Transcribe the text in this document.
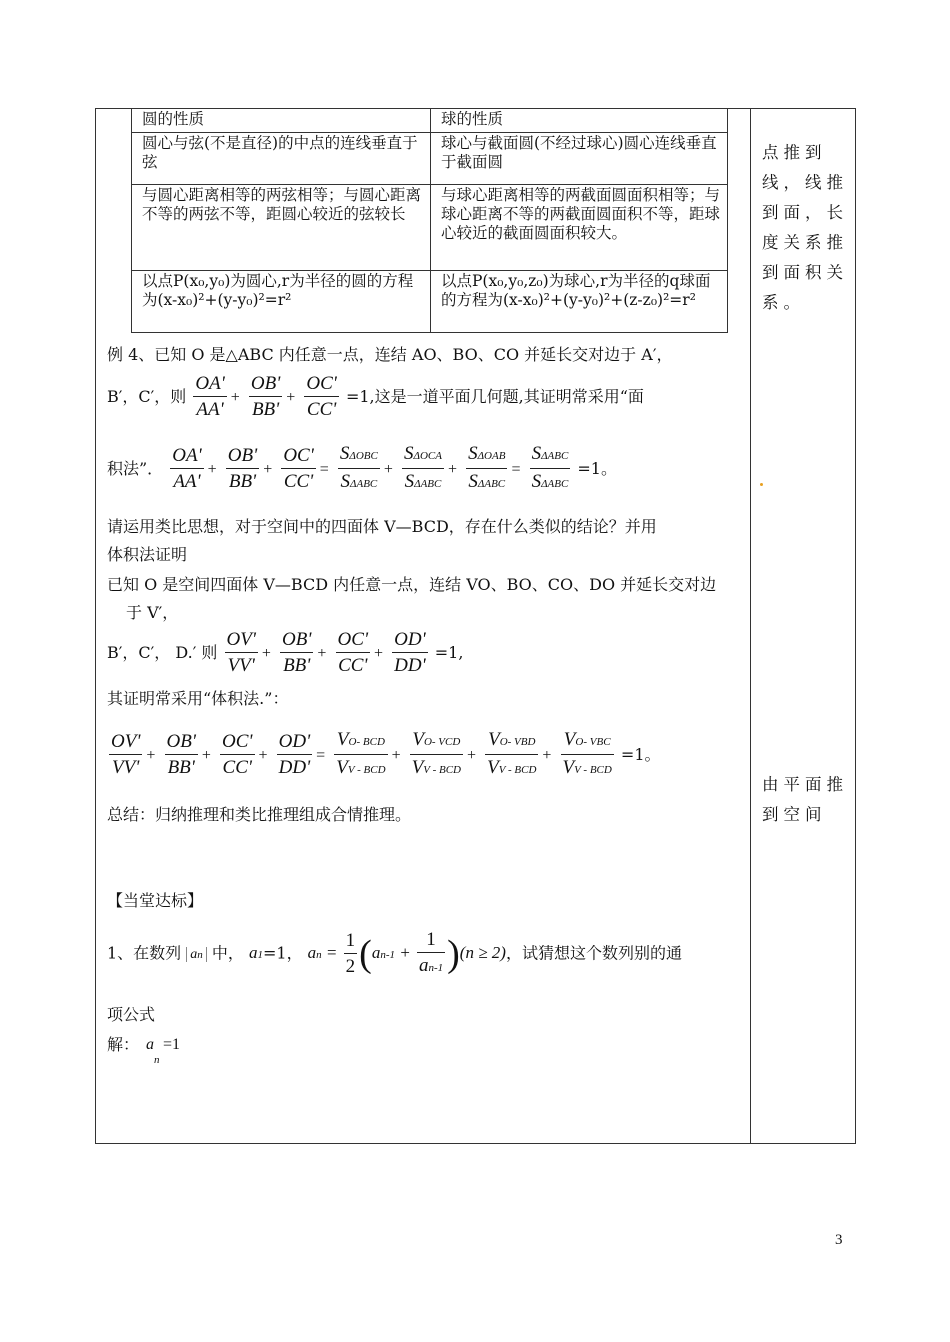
圆的性质	球的性质
圆心与弦(不是直径)的中点的连线垂直于弦	球心与截面圆(不经过球心)圆心连线垂直于截面圆
与圆心距离相等的两弦相等；与圆心距离不等的两弦不等，距圆心较近的弦较长	与球心距离相等的两截面圆面积相等；与球心距离不等的两截面圆面积不等，距球心较近的截面圆面积较大。
以点P(x₀,y₀)为圆心,r为半径的圆的方程为(x-x₀)²+(y-y₀)²=r²	以点P(x₀,y₀,z₀)为球心,r为半径的q球面的方程为(x-x₀)²+(y-y₀)²+(z-z₀)²=r²
例 4、已知 O 是△ABC 内任意一点，连结 AO、BO、CO 并延长交对边于 A′，
B′，C′，则 $\frac{OA'}{AA'} + \frac{OB'}{BB'} + \frac{OC'}{CC'} =1$,这是一道平面几何题,其证明常采用“面
积法”． $\frac{OA'}{AA'} + \frac{OB'}{BB'} + \frac{OC'}{CC'} = \frac{\text{SΔOBC}}{\text{SΔABC}} + \frac{\text{SΔOCA}}{\text{SΔABC}} + \frac{\text{SΔOAB}}{\text{SΔABC}} = \frac{\text{SΔABC}}{\text{SΔABC}} =1$。
请运用类比思想，对于空间中的四面体 V—BCD，存在什么类似的结论？并用
体积法证明
已知 O 是空间四面体 V—BCD 内任意一点，连结 VO、BO、CO、DO 并延长交对边
于 V′，
B′，C′， D.′ 则 $\frac{OV'}{VV'} + \frac{OB'}{BB'} + \frac{OC'}{CC'} + \frac{OD'}{DD'} =1$,
其证明常采用“体积法.”：
$\frac{OV'}{VV'} + \frac{OB'}{BB'} + \frac{OC'}{CC'} + \frac{OD'}{DD'} = \frac{\text{VO- BCD}}{\text{VV - BCD}} + \frac{\text{VO- VCD}}{\text{VV - BCD}} + \frac{\text{VO- VBD}}{\text{VV - BCD}} + \frac{\text{VO- VBC}}{\text{VV - BCD}} =1$。
总结：归纳推理和类比推理组成合情推理。
【当堂达标】
1、在数列 an 中， a1=1， an = $\frac{1}{2} (an-1 + \frac{1}{an-1} )(n \ge 2)$，试猜想这个数列别的通
项公式
解： $a_n$
=1
点推到线，线推到面，长度关系推到面积关系。
由平面推到空间
3
